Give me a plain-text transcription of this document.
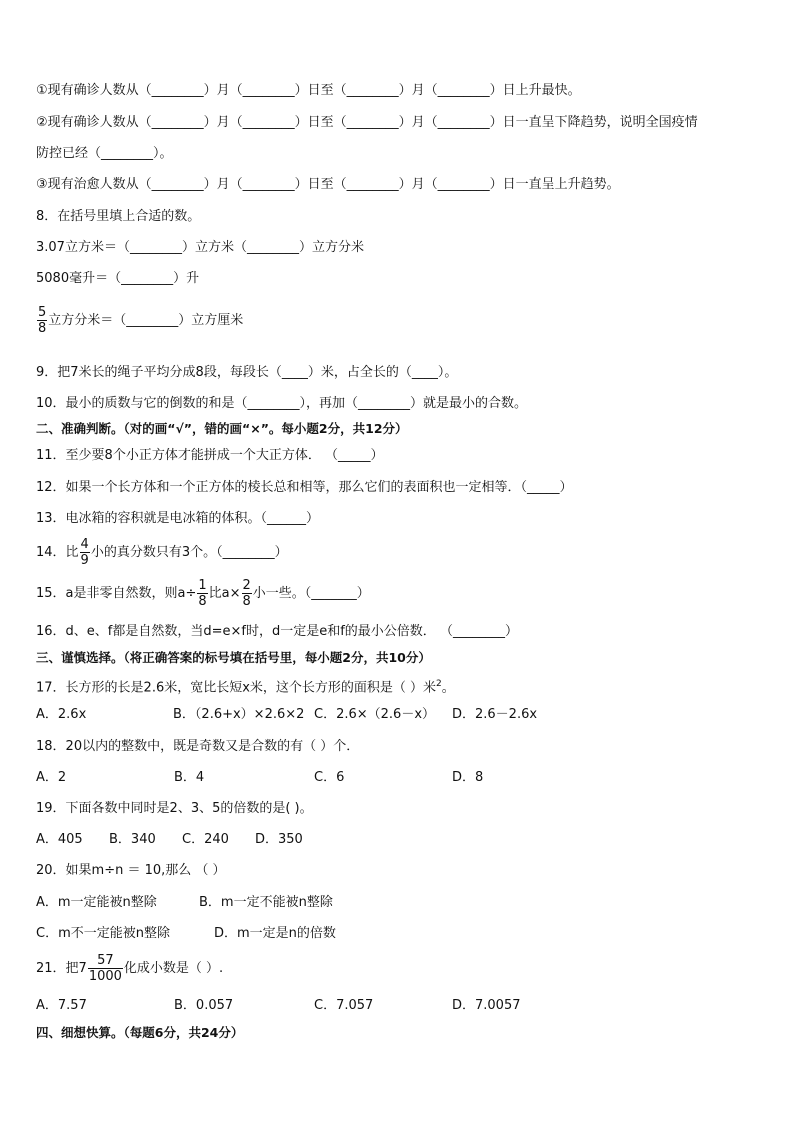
①现有确诊人数从（________）月（________）日至（________）月（________）日上升最快。
②现有确诊人数从（________）月（________）日至（________）月（________）日一直呈下降趋势，说明全国疫情
防控已经（________）。
③现有治愈人数从（________）月（________）日至（________）月（________）日一直呈上升趋势。
8．在括号里填上合适的数。
3.07立方米＝（________）立方米（________）立方分米
5080毫升＝（________）升
$\frac{5}{8}$ 立方分米＝（________）立方厘米
9．把7米长的绳子平均分成8段，每段长（____）米，占全长的（____）。
10．最小的质数与它的倒数的和是（________），再加（________）就是最小的合数。
二、准确判断。（对的画“√”，错的画“×”。每小题2分，共12分）
11．至少要8个小正方体才能拼成一个大正方体． （_____）
12．如果一个长方体和一个正方体的棱长总和相等，那么它们的表面积也一定相等．（_____）
13．电冰箱的容积就是电冰箱的体积。（______）
14．比 $\frac{4}{9}$ 小的真分数只有3个。（________）
15．a是非零自然数，则$a\div \frac{1}{8}$ 比$a\times \frac{2}{8}$ 小一些。（_______）
16．d、e、f都是自然数，当d=e×f时，d一定是e和f的最小公倍数． （________）
三、谨慎选择。（将正确答案的标号填在括号里，每小题2分，共10分）
17．长方形的长是2.6米，宽比长短x米，这个长方形的面积是（ ）米$^2$。
A．2.6x	B．（2.6+x）×2.6×2 C．2.6×（2.6－x） D．2.6－2.6x
18．20以内的整数中，既是奇数又是合数的有（ ）个．
A．2	B．4	C．6	D．8
19．下面各数中同时是2、3、5的倍数的是( )。
A．405 B．340 C．240 D．350
20．如果m÷n ＝ 10,那么 （ ）
A．m一定能被n整除	B．m一定不能被n整除
C．m不一定能被n整除	D．m一定是n的倍数
21．把$7 \frac{57}{1000}$ 化成小数是（ ）.
A．7.57	B．0.057	C．7.057	D．7.0057
四、细想快算。（每题6分，共24分）
